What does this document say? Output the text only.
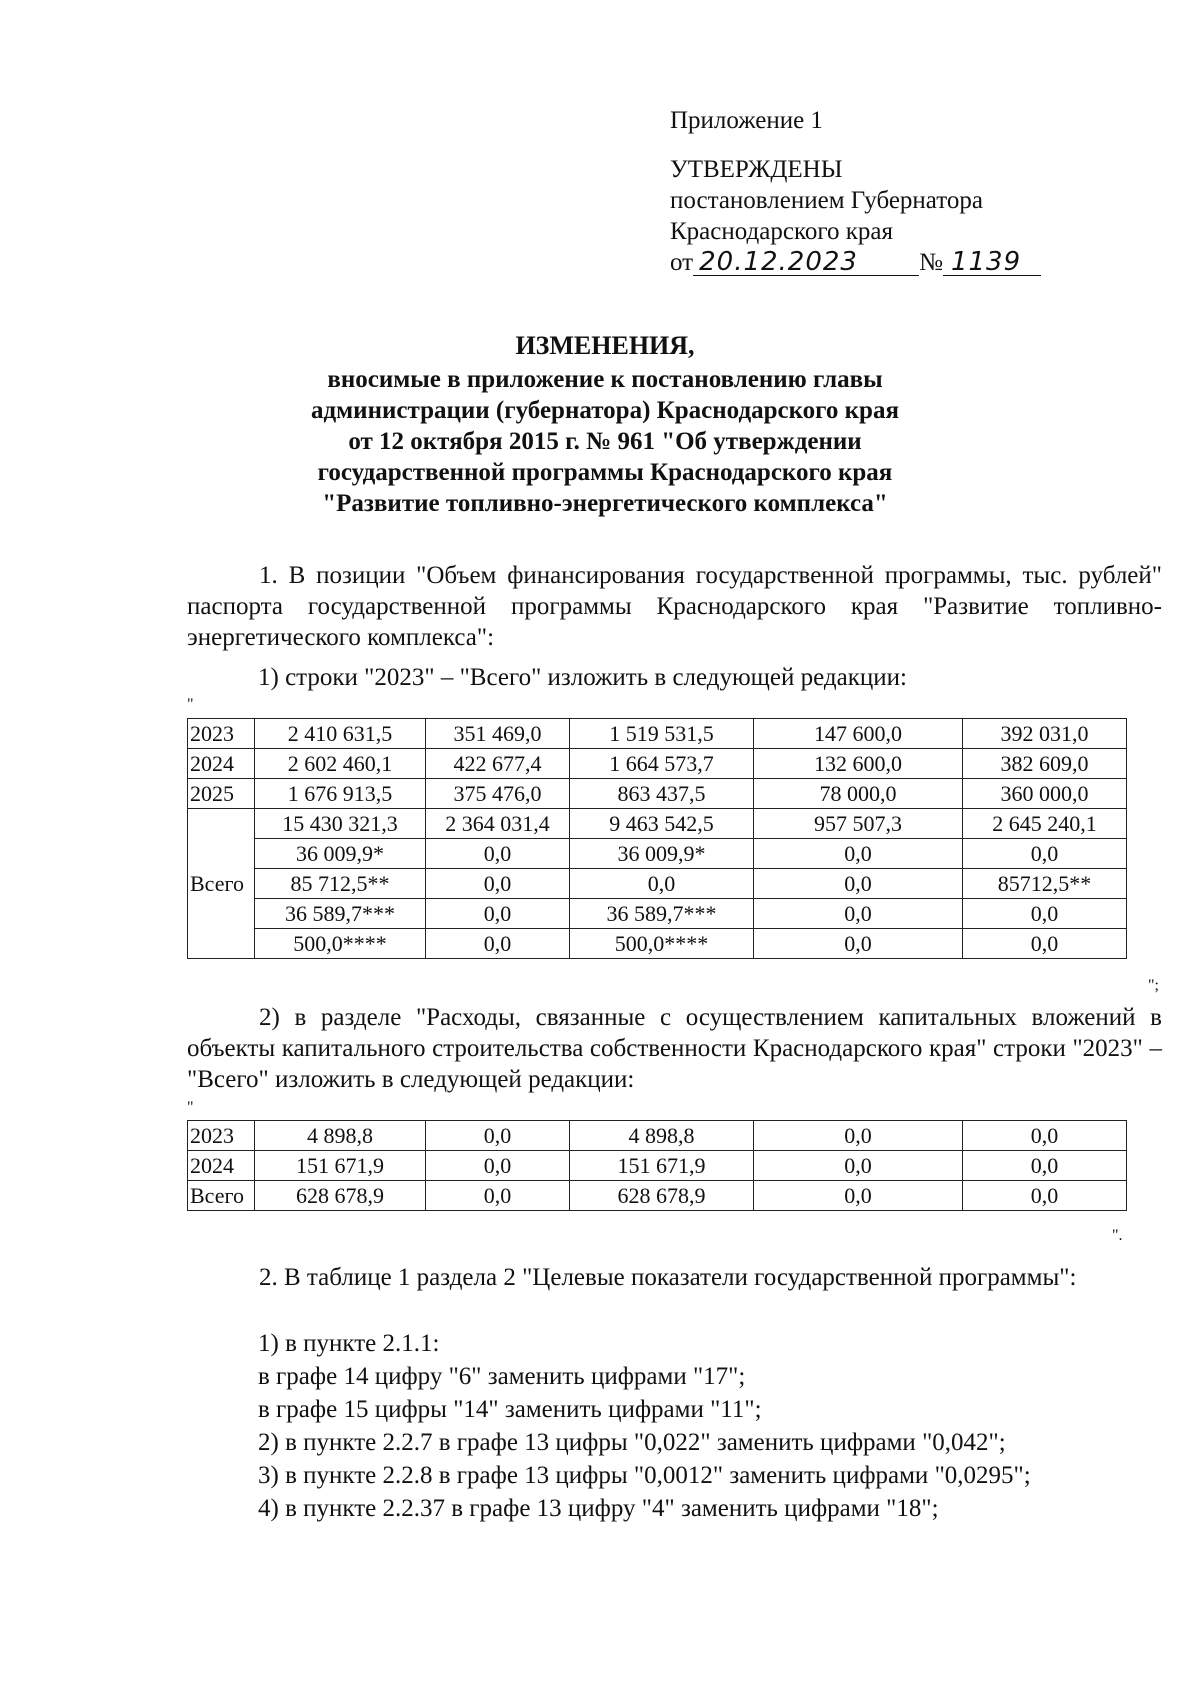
Приложение 1
УТВЕРЖДЕНЫ
постановлением Губернатора
Краснодарского края
от 20.12.2023 № 1139
ИЗМЕНЕНИЯ,
вносимые в приложение к постановлению главы
администрации (губернатора) Краснодарского края
от 12 октября 2015 г. № 961 "Об утверждении
государственной программы Краснодарского края
"Развитие топливно-энергетического комплекса"
1. В позиции "Объем финансирования государственной программы, тыс. рублей" паспорта государственной программы Краснодарского края "Развитие топливно-энергетического комплекса":
1) строки "2023" – "Всего" изложить в следующей редакции:
"
2023	2 410 631,5	351 469,0	1 519 531,5	147 600,0	392 031,0
2024	2 602 460,1	422 677,4	1 664 573,7	132 600,0	382 609,0
2025	1 676 913,5	375 476,0	863 437,5	78 000,0	360 000,0
Всего	15 430 321,3	2 364 031,4	9 463 542,5	957 507,3	2 645 240,1
	36 009,9*	0,0	36 009,9*	0,0	0,0
	85 712,5**	0,0	0,0	0,0	85712,5**
	36 589,7***	0,0	36 589,7***	0,0	0,0
	500,0****	0,0	500,0****	0,0	0,0
";
2) в разделе "Расходы, связанные с осуществлением капитальных вложений в объекты капитального строительства собственности Краснодарского края" строки "2023" – "Всего" изложить в следующей редакции:
"
2023	4 898,8	0,0	4 898,8	0,0	0,0
2024	151 671,9	0,0	151 671,9	0,0	0,0
Всего	628 678,9	0,0	628 678,9	0,0	0,0
".
2. В таблице 1 раздела 2 "Целевые показатели государственной программы":
1) в пункте 2.1.1:
в графе 14 цифру "6" заменить цифрами "17";
в графе 15 цифры "14" заменить цифрами "11";
2) в пункте 2.2.7 в графе 13 цифры "0,022" заменить цифрами "0,042";
3) в пункте 2.2.8 в графе 13 цифры "0,0012" заменить цифрами "0,0295";
4) в пункте 2.2.37 в графе 13 цифру "4" заменить цифрами "18";
